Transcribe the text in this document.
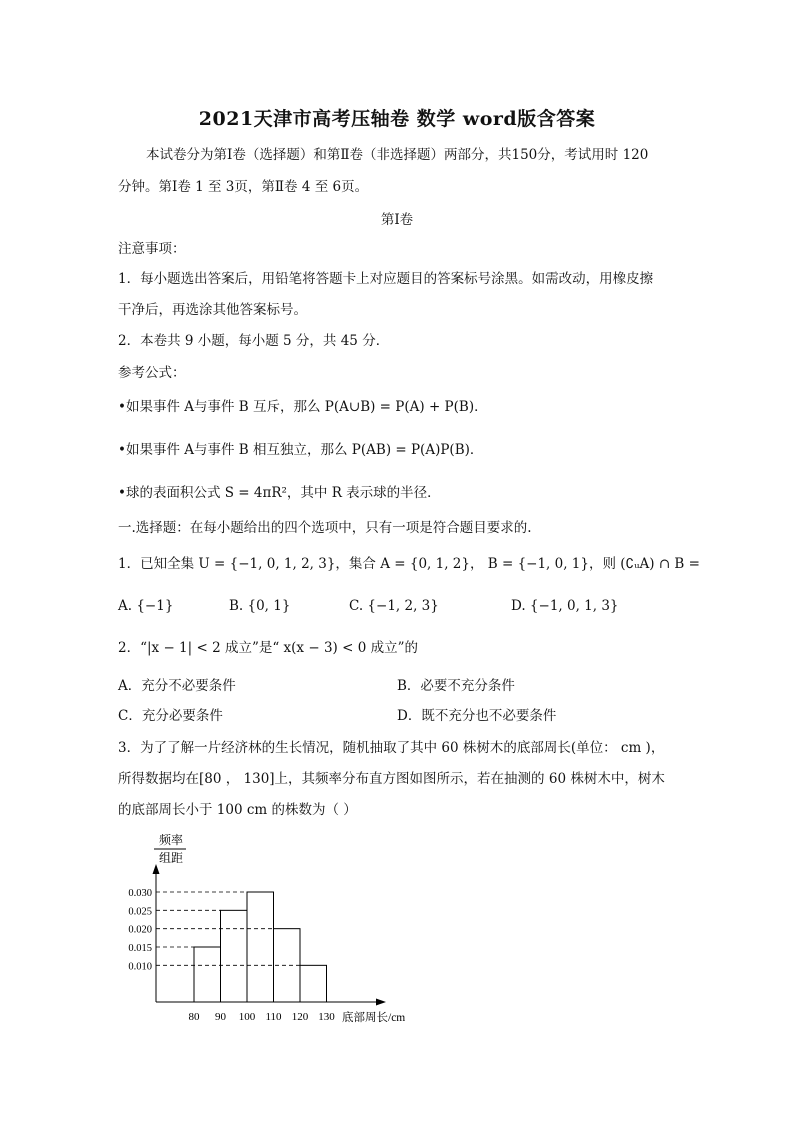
2021天津市高考压轴卷 数学 word版含答案
本试卷分为第Ⅰ卷（选择题）和第Ⅱ卷（非选择题）两部分，共150分，考试用时 120
分钟。第Ⅰ卷 1 至 3页，第Ⅱ卷 4 至 6页。
第Ⅰ卷
注意事项：
1．每小题选出答案后，用铅笔将答题卡上对应题目的答案标号涂黑。如需改动，用橡皮擦
干净后，再选涂其他答案标号。
2．本卷共 9 小题，每小题 5 分，共 45 分．
参考公式：
•如果事件 A与事件 B 互斥，那么 P(A∪B) = P(A) + P(B)．
•如果事件 A与事件 B 相互独立，那么 P(AB) = P(A)P(B)．
•球的表面积公式 S = 4πR²，其中 R 表示球的半径．
一.选择题：在每小题给出的四个选项中，只有一项是符合题目要求的.
1．已知全集 U = {−1, 0, 1, 2, 3}，集合 A = {0, 1, 2}， B = {−1, 0, 1}，则 (∁ᵤA) ∩ B =
A. {−1}	B. {0, 1}	C. {−1, 2, 3}	D. {−1, 0, 1, 3}
2．“|x − 1| < 2 成立”是“ x(x − 3) < 0 成立”的
A．充分不必要条件	B．必要不充分条件
C．充分必要条件	D．既不充分也不必要条件
3．为了了解一片经济林的生长情况，随机抽取了其中 60 株树木的底部周长(单位： cm )，
所得数据均在[80 ， 130]上，其频率分布直方图如图所示，若在抽测的 60 株树木中，树木
的底部周长小于 100 cm 的株数为（ ）
频率
组距
0.030
0.025
0.020
0.015
0.010
80 90 100 110 120 130 底部周长/cm
